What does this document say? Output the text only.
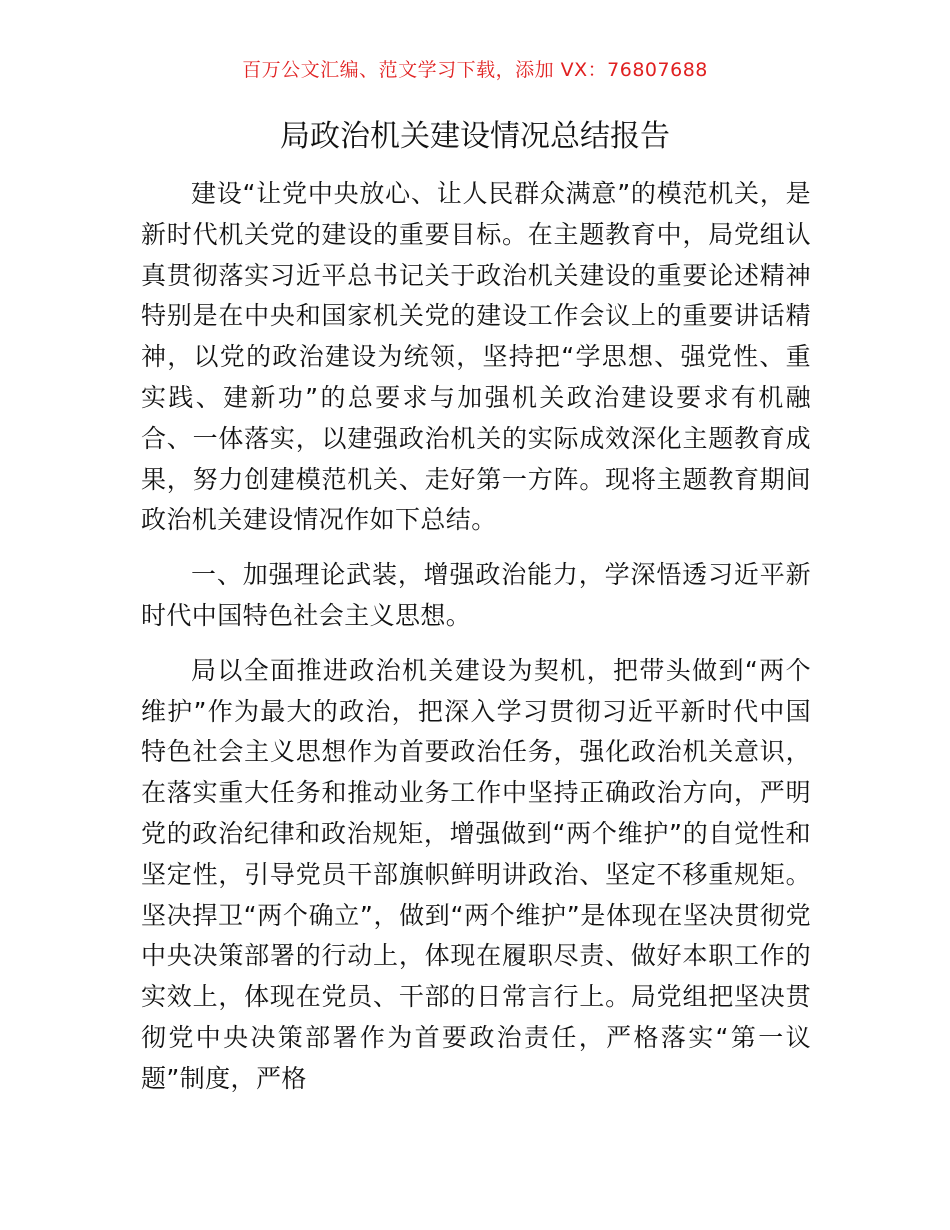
百万公文汇编、范文学习下载，添加 VX：76807688
局政治机关建设情况总结报告

建设“让党中央放心、让人民群众满意”的模范机关，是新时代机关党的建设的重要目标。在主题教育中，局党组认真贯彻落实习近平总书记关于政治机关建设的重要论述精神特别是在中央和国家机关党的建设工作会议上的重要讲话精神，以党的政治建设为统领，坚持把“学思想、强党性、重实践、建新功”的总要求与加强机关政治建设要求有机融合、一体落实，以建强政治机关的实际成效深化主题教育成果，努力创建模范机关、走好第一方阵。现将主题教育期间政治机关建设情况作如下总结。

一、加强理论武装，增强政治能力，学深悟透习近平新时代中国特色社会主义思想。

局以全面推进政治机关建设为契机，把带头做到“两个维护”作为最大的政治，把深入学习贯彻习近平新时代中国特色社会主义思想作为首要政治任务，强化政治机关意识，在落实重大任务和推动业务工作中坚持正确政治方向，严明党的政治纪律和政治规矩，增强做到“两个维护”的自觉性和坚定性，引导党员干部旗帜鲜明讲政治、坚定不移重规矩。坚决捍卫“两个确立”，做到“两个维护”是体现在坚决贯彻党中央决策部署的行动上，体现在履职尽责、做好本职工作的实效上，体现在党员、干部的日常言行上。局党组把坚决贯彻党中央决策部署作为首要政治责任，严格落实“第一议题”制度，严格
